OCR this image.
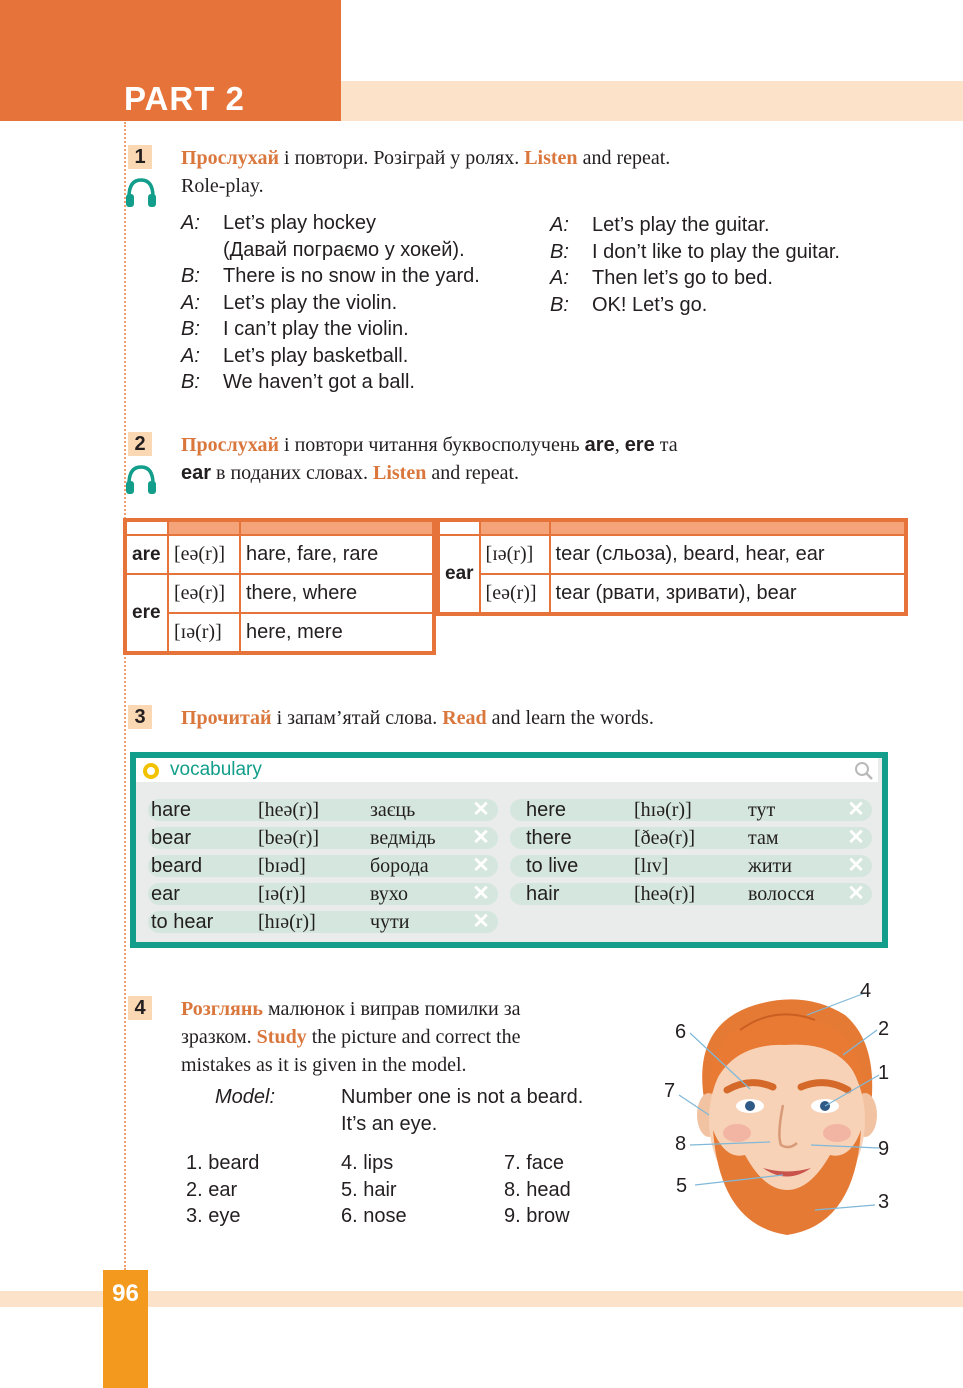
PART 2
1	Прослухай і повтори. Розіграй у ролях. Listen and repeat.
Role-play.
A: Let’s play hockey
(Давай пограємо у хокей).
B: There is no snow in the yard.
A: Let’s play the violin.
B: I can’t play the violin.
A: Let’s play basketball.
B: We haven’t got a ball.
A: Let’s play the guitar.
B: I don’t like to play the guitar.
A: Then let’s go to bed.
B: OK! Let’s go.
2	Прослухай і повтори читання буквосполучень are, ere та
ear в поданих словах. Listen and repeat.

are	[eə(r)]	hare, fare, rare
ere	[eə(r)]	there, where
	[ɪə(r)]	here, mere

ear	[ɪə(r)]	tear (сльоза), beard, hear, ear
	[eə(r)]	tear (рвати, зривати), bear
3	Прочитай і запам’ятай слова. Read and learn the words.
vocabulary
hare	[heə(r)]	заєць	✕
bear	[beə(r)]	ведмідь ✕
beard	[bɪəd]	борода ✕
ear	[ɪə(r)]	вухо	✕
to hear [hɪə(r)]	чути	✕
here	[hɪə(r)]	тут	✕
there	[ðeə(r)]	там	✕
to live	[lɪv]	жити	✕
hair	[heə(r)]	волосся ✕
4	Розглянь малюнок і виправ помилки за
зразком. Study the picture and correct the
mistakes as it is given in the model.
Model:	Number one is not a beard.
It’s an eye.
1. beard
2. ear
3. eye
4. lips
5. hair
6. nose
7. face
8. head
9. brow
4
2
1
9
3
6
7
8
5
96
